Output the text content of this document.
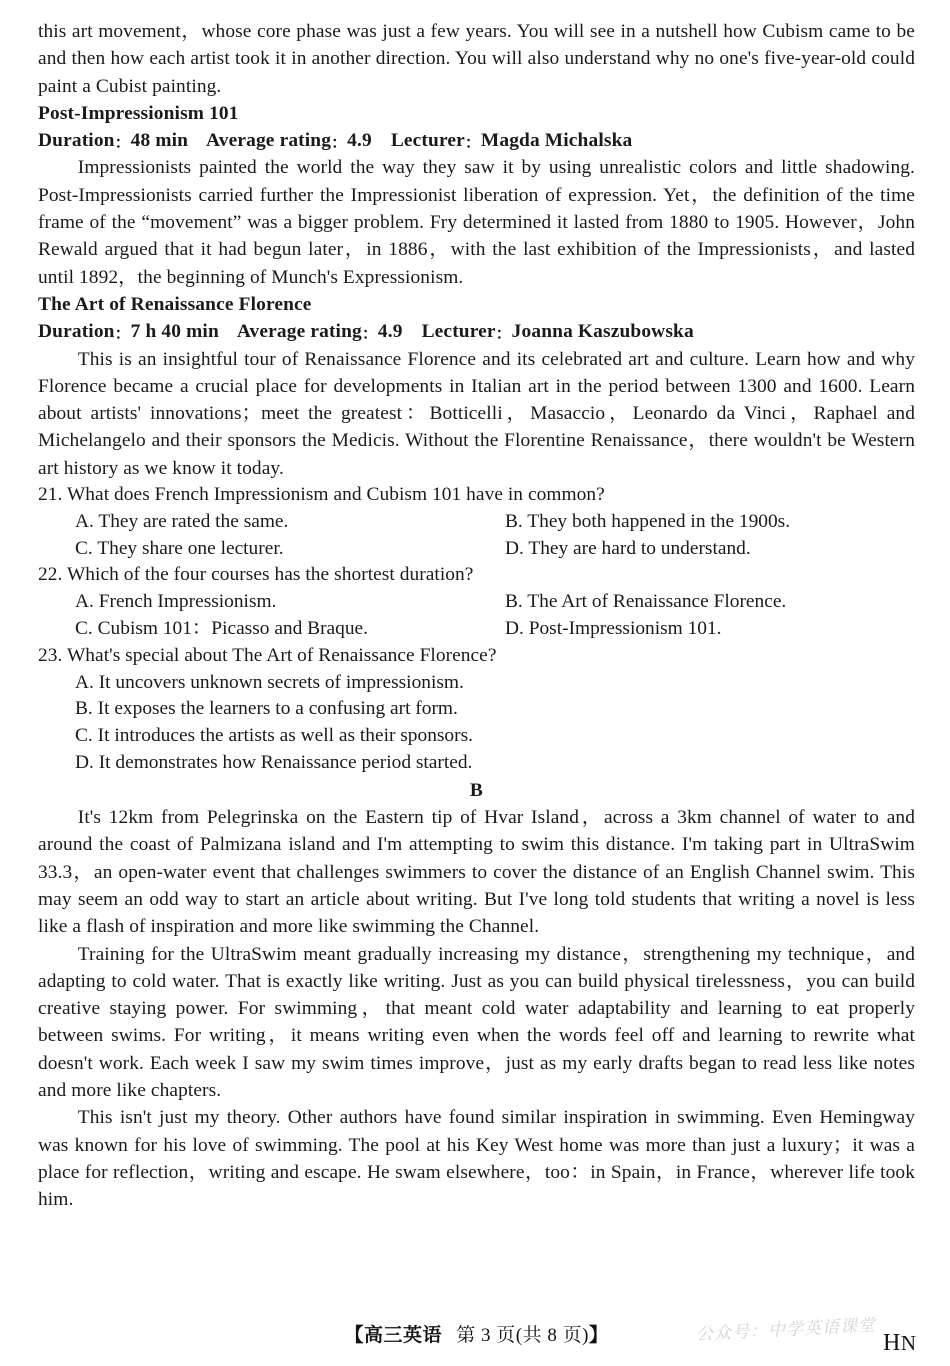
this art movement，whose core phase was just a few years. You will see in a nutshell how Cubism came to be and then how each artist took it in another direction. You will also understand why no one's five-year-old could paint a Cubist painting.

Post-Impressionism 101

Duration：48 min Average rating：4.9 Lecturer：Magda Michalska

Impressionists painted the world the way they saw it by using unrealistic colors and little shadowing. Post-Impressionists carried further the Impressionist liberation of expression. Yet，the definition of the time frame of the “movement” was a bigger problem. Fry determined it lasted from 1880 to 1905. However，John Rewald argued that it had begun later，in 1886，with the last exhibition of the Impressionists，and lasted until 1892，the beginning of Munch's Expressionism.

The Art of Renaissance Florence

Duration：7 h 40 min Average rating：4.9 Lecturer：Joanna Kaszubowska

This is an insightful tour of Renaissance Florence and its celebrated art and culture. Learn how and why Florence became a crucial place for developments in Italian art in the period between 1300 and 1600. Learn about artists' innovations；meet the greatest：Botticelli，Masaccio，Leonardo da Vinci，Raphael and Michelangelo and their sponsors the Medicis. Without the Florentine Renaissance，there wouldn't be Western art history as we know it today.

21. What does French Impressionism and Cubism 101 have in common?

A. They are rated the same.	B. They both happened in the 1900s.
C. They share one lecturer.	D. They are hard to understand.

22. Which of the four courses has the shortest duration?

A. French Impressionism.	B. The Art of Renaissance Florence.
C. Cubism 101：Picasso and Braque.	D. Post-Impressionism 101.

23. What's special about The Art of Renaissance Florence?

A. It uncovers unknown secrets of impressionism.
B. It exposes the learners to a confusing art form.
C. It introduces the artists as well as their sponsors.
D. It demonstrates how Renaissance period started.

B

It's 12km from Pelegrinska on the Eastern tip of Hvar Island，across a 3km channel of water to and around the coast of Palmizana island and I'm attempting to swim this distance. I'm taking part in UltraSwim 33.3，an open-water event that challenges swimmers to cover the distance of an English Channel swim. This may seem an odd way to start an article about writing. But I've long told students that writing a novel is less like a flash of inspiration and more like swimming the Channel.

Training for the UltraSwim meant gradually increasing my distance，strengthening my technique，and adapting to cold water. That is exactly like writing. Just as you can build physical tirelessness，you can build creative staying power. For swimming，that meant cold water adaptability and learning to eat properly between swims. For writing，it means writing even when the words feel off and learning to rewrite what doesn't work. Each week I saw my swim times improve，just as my early drafts began to read less like notes and more like chapters.

This isn't just my theory. Other authors have found similar inspiration in swimming. Even Hemingway was known for his love of swimming. The pool at his Key West home was more than just a luxury；it was a place for reflection，writing and escape. He swam elsewhere，too：in Spain，in France，wherever life took him.

【高三英语 第 3 页(共 8 页)】	公众号：中学英语课堂 HN
